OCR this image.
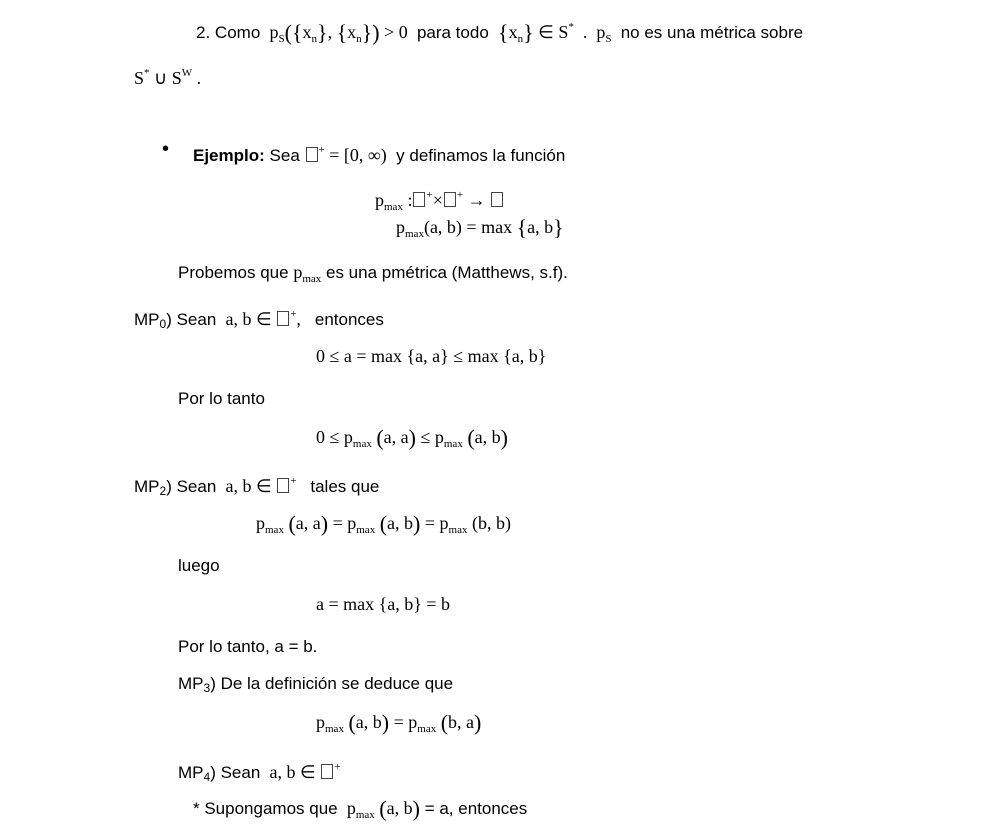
2. Como  $p_S(\{x_n\}$, $\{x_n\}) > 0$ para todo $\{x_n\}$ ∈ S*  .  $p_S$ no es una métrica sobre
S* ∪ $S^W$ .
• Ejemplo: Sea + = [0, ∞) y definamos la función
$p_{max}$ : +× + →
$p_{max}(a$, b) = max {a, b}
Probemos que $p_{max}$ es una pmétrica (Matthews, s.f).
MP0) Sean a, b ∈ +,   entonces
0 ≤ a = max {a, a} ≤ max {a, b}
Por lo tanto
$0 \le p_{max}$ (a, $a) \le p_{max}$ (a, b)
MP2) Sean a, b ∈ + tales que
$p_{max}$ (a, $a) = p_{max}$ (a, $b) = p_{max}$ (b, b)
luego
a = max {a, b} = b
Por lo tanto, a = b.
MP3) De la definición se deduce que
$p_{max}$ (a, $b) = p_{max}$ (b, a)
MP4) Sean a, b ∈ +
* Supongamos que  $p_{max}$ (a, b) = a, entonces
